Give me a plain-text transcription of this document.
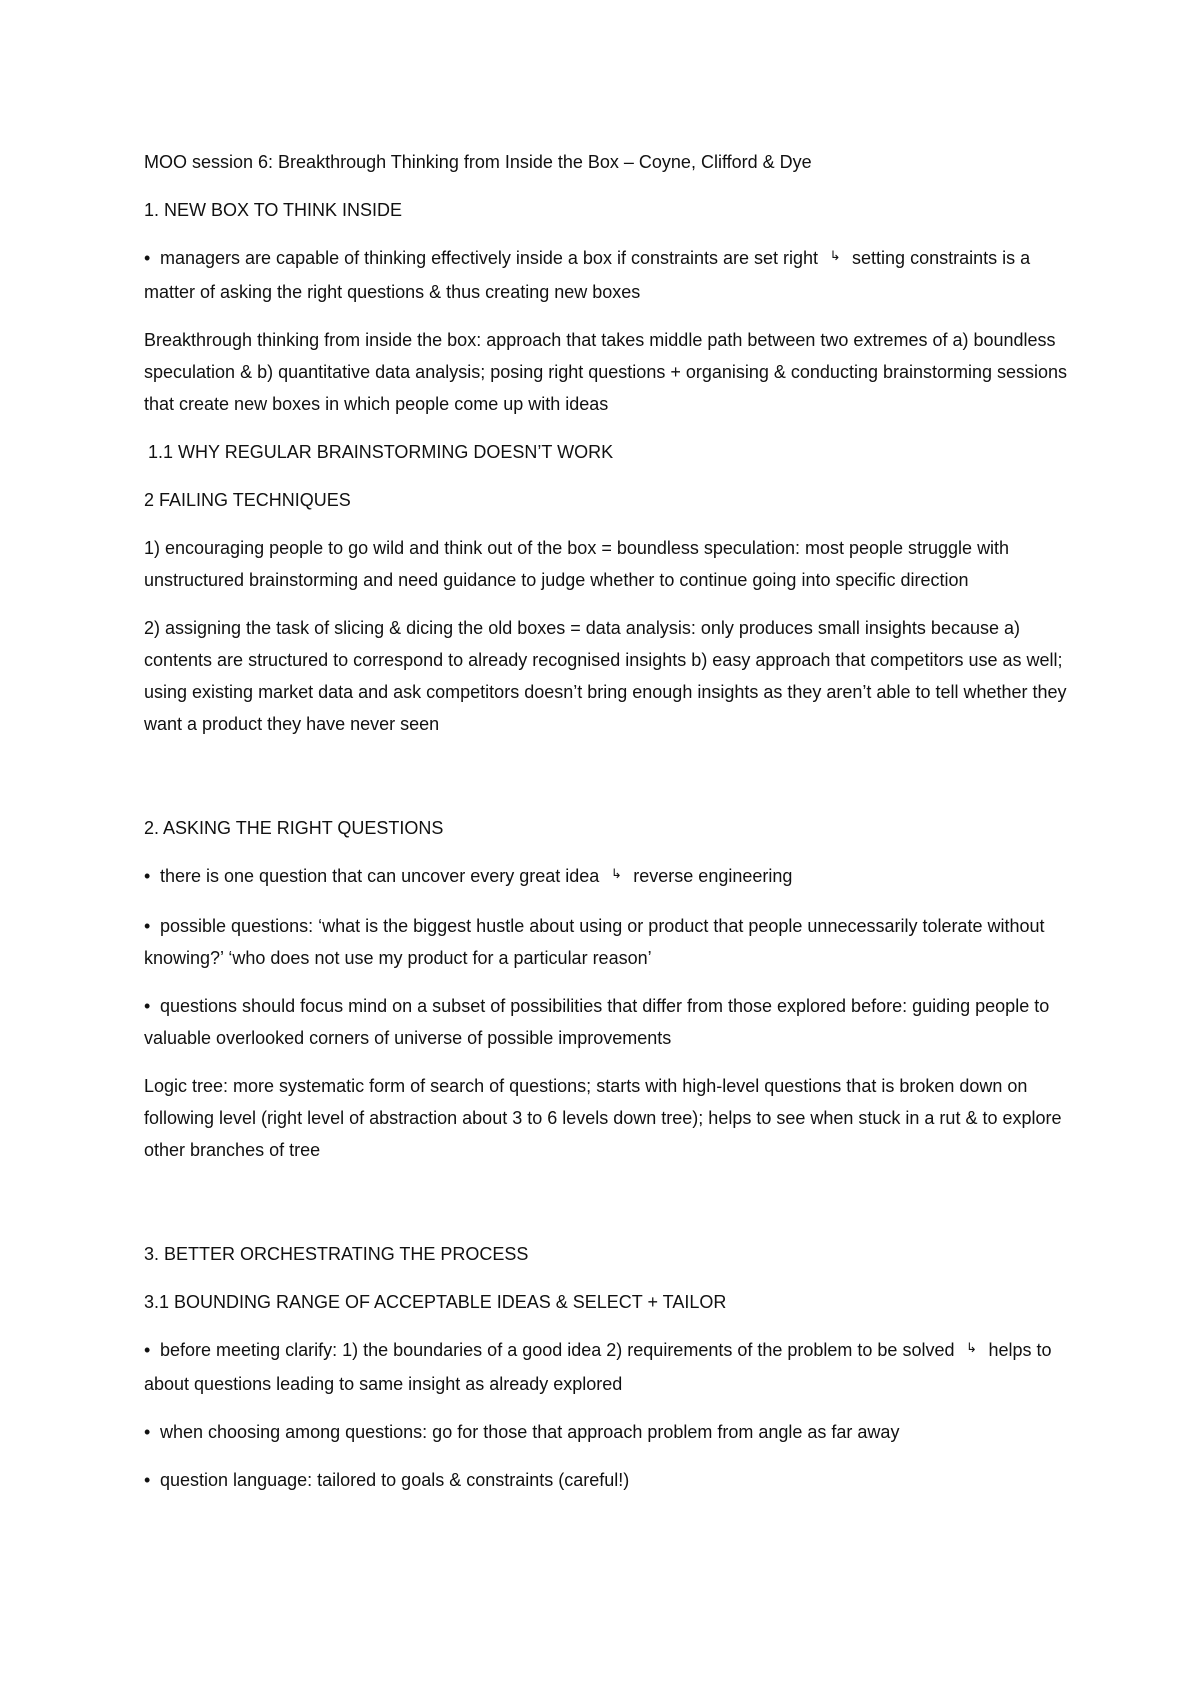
MOO session 6: Breakthrough Thinking from Inside the Box – Coyne, Clifford & Dye

1. NEW BOX TO THINK INSIDE

• managers are capable of thinking effectively inside a box if constraints are set right ↳ setting constraints is a matter of asking the right questions & thus creating new boxes

Breakthrough thinking from inside the box: approach that takes middle path between two extremes of a) boundless speculation & b) quantitative data analysis; posing right questions + organising & conducting brainstorming sessions that create new boxes in which people come up with ideas

1.1 WHY REGULAR BRAINSTORMING DOESN’T WORK

2 FAILING TECHNIQUES

1) encouraging people to go wild and think out of the box = boundless speculation: most people struggle with unstructured brainstorming and need guidance to judge whether to continue going into specific direction

2) assigning the task of slicing & dicing the old boxes = data analysis: only produces small insights because a) contents are structured to correspond to already recognised insights b) easy approach that competitors use as well; using existing market data and ask competitors doesn’t bring enough insights as they aren’t able to tell whether they want a product they have never seen

2. ASKING THE RIGHT QUESTIONS

• there is one question that can uncover every great idea ↳ reverse engineering

• possible questions: ‘what is the biggest hustle about using or product that people unnecessarily tolerate without knowing?’ ‘who does not use my product for a particular reason’

• questions should focus mind on a subset of possibilities that differ from those explored before: guiding people to valuable overlooked corners of universe of possible improvements

Logic tree: more systematic form of search of questions; starts with high-level questions that is broken down on following level (right level of abstraction about 3 to 6 levels down tree); helps to see when stuck in a rut & to explore other branches of tree

3. BETTER ORCHESTRATING THE PROCESS

3.1 BOUNDING RANGE OF ACCEPTABLE IDEAS & SELECT + TAILOR

• before meeting clarify: 1) the boundaries of a good idea 2) requirements of the problem to be solved ↳ helps to about questions leading to same insight as already explored

• when choosing among questions: go for those that approach problem from angle as far away

• question language: tailored to goals & constraints (careful!)
